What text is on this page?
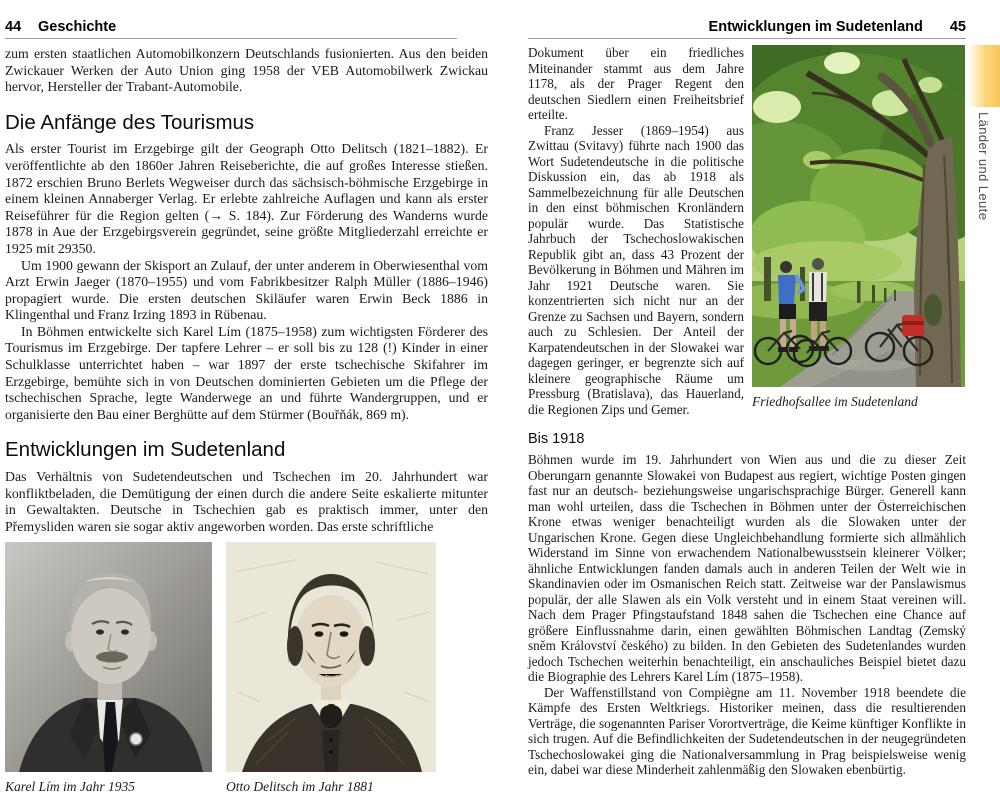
44	Geschichte

zum ersten staatlichen Automobilkonzern Deutschlands fusionierten. Aus den beiden Zwickauer Werken der Auto Union ging 1958 der VEB Automobilwerk Zwickau hervor, Hersteller der Trabant-Automobile.

Die Anfänge des Tourismus

Als erster Tourist im Erzgebirge gilt der Geograph Otto Delitsch (1821–1882). Er veröffentlichte ab den 1860er Jahren Reiseberichte, die auf großes Interesse stießen. 1872 erschien Bruno Berlets Wegweiser durch das sächsisch-böhmische Erzgebirge in einem kleinen Annaberger Verlag. Er erlebte zahlreiche Auflagen und kann als erster Reiseführer für die Region gelten (→ S. 184). Zur Förderung des Wanderns wurde 1878 in Aue der Erzgebirgsverein gegründet, seine größte Mitgliederzahl erreichte er 1925 mit 29350.

Um 1900 gewann der Skisport an Zulauf, der unter anderem in Oberwiesenthal vom Arzt Erwin Jaeger (1870–1955) und vom Fabrikbesitzer Ralph Müller (1886–1946) propagiert wurde. Die ersten deutschen Skiläufer waren Erwin Beck 1886 in Klingenthal und Franz Irzing 1893 in Rübenau.

In Böhmen entwickelte sich Karel Lím (1875–1958) zum wichtigsten Förderer des Tourismus im Erzgebirge. Der tapfere Lehrer – er soll bis zu 128 (!) Kinder in einer Schulklasse unterrichtet haben – war 1897 der erste tschechische Skifahrer im Erzgebirge, bemühte sich in von Deutschen dominierten Gebieten um die Pflege der tschechischen Sprache, legte Wanderwege an und führte Wandergruppen, und er organisierte den Bau einer Berghütte auf dem Stürmer (Bouřňák, 869 m).

Entwicklungen im Sudetenland

Das Verhältnis von Sudetendeutschen und Tschechen im 20. Jahrhundert war konfliktbeladen, die Demütigung der einen durch die andere Seite eskalierte mitunter in Gewaltakten. Deutsche in Tschechien gab es praktisch immer, unter den Přemysliden waren sie sogar aktiv angeworben worden. Das erste schriftliche

Karel Lím im Jahr 1935	Otto Delitsch im Jahr 1881
Entwicklungen im Sudetenland 45

Dokument über ein friedliches Miteinander stammt aus dem Jahre 1178, als der Prager Regent den deutschen Siedlern einen Freiheitsbrief erteilte.

Franz Jesser (1869–1954) aus Zwittau (Svitavy) führte nach 1900 das Wort Sudetendeutsche in die politische Diskussion ein, das ab 1918 als Sammelbezeichnung für alle Deutschen in den einst böhmischen Kronländern populär wurde. Das Statistische Jahrbuch der Tschechoslowakischen Republik gibt an, dass 43 Prozent der Bevölkerung in Böhmen und Mähren im Jahr 1921 Deutsche waren. Sie konzentrierten sich nicht nur an der Grenze zu Sachsen und Bayern, sondern auch zu Schlesien. Der Anteil der Karpatendeutschen in der Slowakei war dagegen geringer, er begrenzte sich auf kleinere geographische Räume um Pressburg (Bratislava), das Hauerland, die Regionen Zips und Gemer.	Friedhofsallee im Sudetenland
Bis 1918

Böhmen wurde im 19. Jahrhundert von Wien aus und die zu dieser Zeit Oberungarn genannte Slowakei von Budapest aus regiert, wichtige Posten gingen fast nur an deutsch- beziehungsweise ungarischsprachige Bürger. Generell kann man wohl urteilen, dass die Tschechen in Böhmen unter der Österreichischen Krone etwas weniger benachteiligt wurden als die Slowaken unter der Ungarischen Krone. Gegen diese Ungleichbehandlung formierte sich allmählich Widerstand im Sinne von erwachendem Nationalbewusstsein kleinerer Völker; ähnliche Entwicklungen fanden damals auch in anderen Teilen der Welt wie in Skandinavien oder im Osmanischen Reich statt. Zeitweise war der Panslawismus populär, der alle Slawen als ein Volk versteht und in einem Staat vereinen will. Nach dem Prager Pfingstaufstand 1848 sahen die Tschechen eine Chance auf größere Einflussnahme darin, einen gewählten Böhmischen Landtag (Zemský sněm Království českého) zu bilden. In den Gebieten des Sudetenlandes wurden jedoch Tschechen weiterhin benachteiligt, ein anschauliches Beispiel bietet dazu die Biographie des Lehrers Karel Lím (1875–1958).

Der Waffenstillstand von Compiègne am 11. November 1918 beendete die Kämpfe des Ersten Weltkriegs. Historiker meinen, dass die resultierenden Verträge, die sogenannten Pariser Vorortverträge, die Keime künftiger Konflikte in sich trugen. Auf die Befindlichkeiten der Sudetendeutschen in der neugegründeten Tschechoslowakei ging die Nationalversammlung in Prag beispielsweise wenig ein, dabei war diese Minderheit zahlenmäßig den Slowaken ebenbürtig.

Länder und Leute
